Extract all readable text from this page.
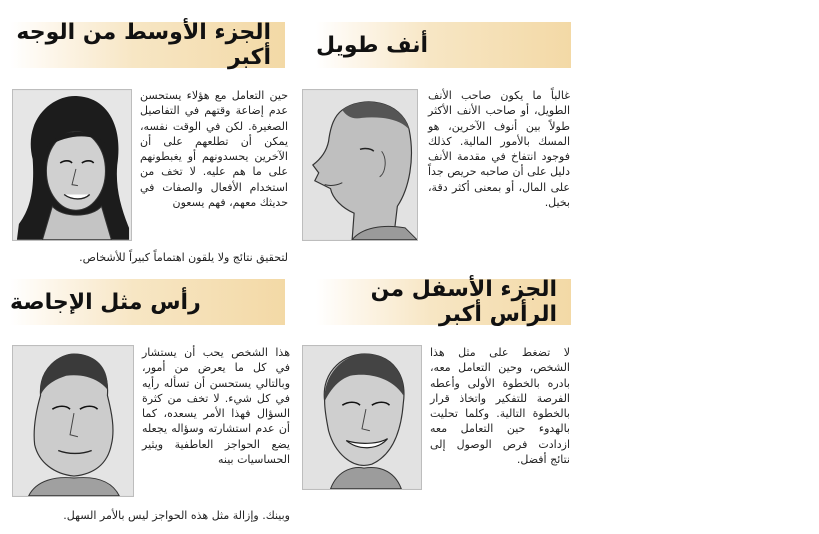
أنف طويل
غالباً ما يكون صاحب الأنف الطويل، أو صاحب الأنف الأكثر طولاً بين أنوف الآخرين، هو المسك بالأمور المالية. كذلك فوجود انتفاخ في مقدمة الأنف دليل على أن صاحبه حريص جداً على المال، أو بمعنى أكثر دقة، بخيل.
الجزء الأوسط من الوجه أكبر
حين التعامل مع هؤلاء يستحسن عدم إضاعة وقتهم في التفاصيل الصغيرة. لكن في الوقت نفسه، يمكن أن تطلعهم على أن الآخرين يحسدونهم أو يغبطونهم على ما هم عليه. لا تخف من استخدام الأفعال والصفات في حديثك معهم، فهم يسعون
لتحقيق نتائج ولا يلقون اهتماماً كبيراً للأشخاص.
الجزء الأسفل من الرأس أكبر
لا تضغط على مثل هذا الشخص، وحين التعامل معه، بادره بالخطوة الأولى وأعطه الفرصة للتفكير واتخاذ قرار بالخطوة التالية. وكلما تحليت بالهدوء حين التعامل معه ازدادت فرص الوصول إلى نتائج أفضل.
رأس مثل الإجاصة
هذا الشخص يحب أن يستشار في كل ما يعرض من أمور، وبالتالي يستحسن أن تسأله رأيه في كل شيء. لا تخف من كثرة السؤال فهذا الأمر يسعده، كما أن عدم استشارته وسؤاله يجعله يضع الحواجز العاطفية ويثير الحساسيات بينه
وبينك. وإزالة مثل هذه الحواجز ليس بالأمر السهل.
